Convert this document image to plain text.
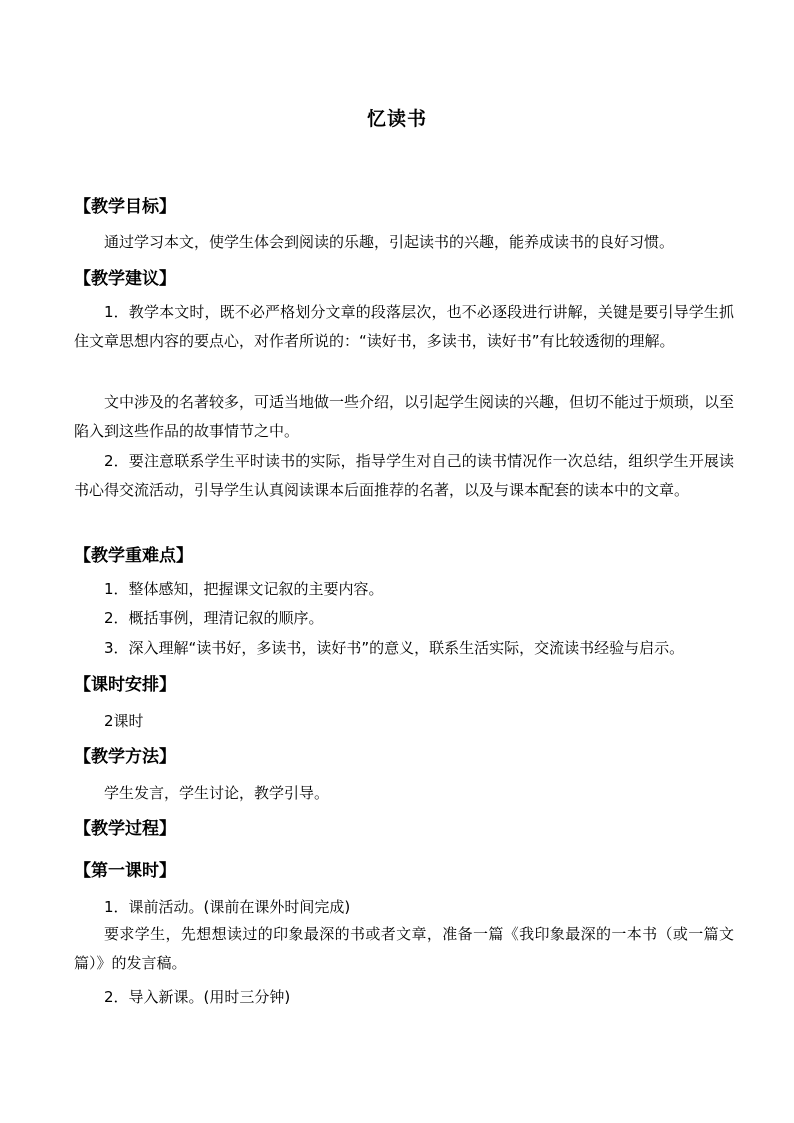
忆读书
【教学目标】

通过学习本文，使学生体会到阅读的乐趣，引起读书的兴趣，能养成读书的良好习惯。

【教学建议】

1．教学本文时，既不必严格划分文章的段落层次，也不必逐段进行讲解，关键是要引导学生抓住文章思想内容的要点心，对作者所说的：“读好书，多读书，读好书”有比较透彻的理解。

文中涉及的名著较多，可适当地做一些介绍，以引起学生阅读的兴趣，但切不能过于烦琐，以至陷入到这些作品的故事情节之中。

2．要注意联系学生平时读书的实际，指导学生对自己的读书情况作一次总结，组织学生开展读书心得交流活动，引导学生认真阅读课本后面推荐的名著，以及与课本配套的读本中的文章。

【教学重难点】
1．整体感知，把握课文记叙的主要内容。
2．概括事例，理清记叙的顺序。
3．深入理解“读书好，多读书，读好书”的意义，联系生活实际，交流读书经验与启示。
【课时安排】
2课时
【教学方法】
学生发言，学生讨论，教学引导。
【教学过程】
【第一课时】
1．课前活动。(课前在课外时间完成)

要求学生，先想想读过的印象最深的书或者文章，准备一篇《我印象最深的一本书（或一篇文篇）》的发言稿。

2．导入新课。(用时三分钟)
